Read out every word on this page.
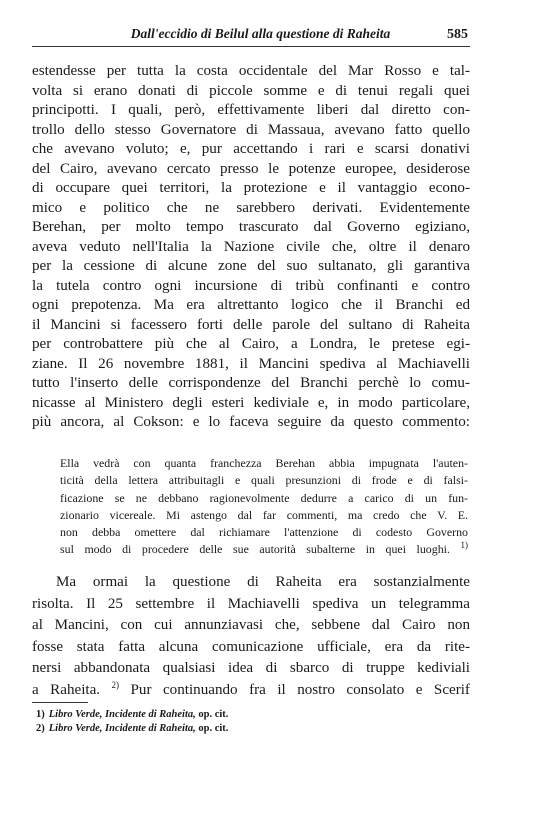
Dall'eccidio di Beilul alla questione di Raheita	585
estendesse per tutta la costa occidentale del Mar Rosso e tal-
volta si erano donati di piccole somme e di tenui regali quei
principotti. I quali, però, effettivamente liberi dal diretto con-
trollo dello stesso Governatore di Massaua, avevano fatto quello
che avevano voluto; e, pur accettando i rari e scarsi donativi
del Cairo, avevano cercato presso le potenze europee, desiderose
di occupare quei territori, la protezione e il vantaggio econo-
mico e politico che ne sarebbero derivati. Evidentemente
Berehan, per molto tempo trascurato dal Governo egiziano,
aveva veduto nell'Italia la Nazione civile che, oltre il denaro
per la cessione di alcune zone del suo sultanato, gli garantiva
la tutela contro ogni incursione di tribù confinanti e contro
ogni prepotenza. Ma era altrettanto logico che il Branchi ed
il Mancini si facessero forti delle parole del sultano di Raheita
per controbattere più che al Cairo, a Londra, le pretese egi-
ziane. Il 26 novembre 1881, il Mancini spediva al Machiavelli
tutto l'inserto delle corrispondenze del Branchi perchè lo comu-
nicasse al Ministero degli esteri kediviale e, in modo particolare,
più ancora, al Cokson: e lo faceva seguire da questo commento:
Ella vedrà con quanta franchezza Berehan abbia impugnata l'auten-
ticità della lettera attribuitagli e quali presunzioni di frode e di falsi-
ficazione se ne debbano ragionevolmente dedurre a carico di un fun-
zionario vicereale. Mi astengo dal far commenti, ma credo che V. E.
non debba omettere dal richiamare l'attenzione di codesto Governo
sul modo di procedere delle sue autorità subalterne in quei luoghi. $^{1)}$
Ma ormai la questione di Raheita era sostanzialmente
risolta. Il 25 settembre il Machiavelli spediva un telegramma
al Mancini, con cui annunziavasi che, sebbene dal Cairo non
fosse stata fatta alcuna comunicazione ufficiale, era da rite-
nersi abbandonata qualsiasi idea di sbarco di truppe kediviali
a Raheita. $^{2)}$ Pur continuando fra il nostro consolato e Scerif
1) Libro Verde, Incidente di Raheita, op. cit.
2) Libro Verde, Incidente di Raheita, op. cit.
